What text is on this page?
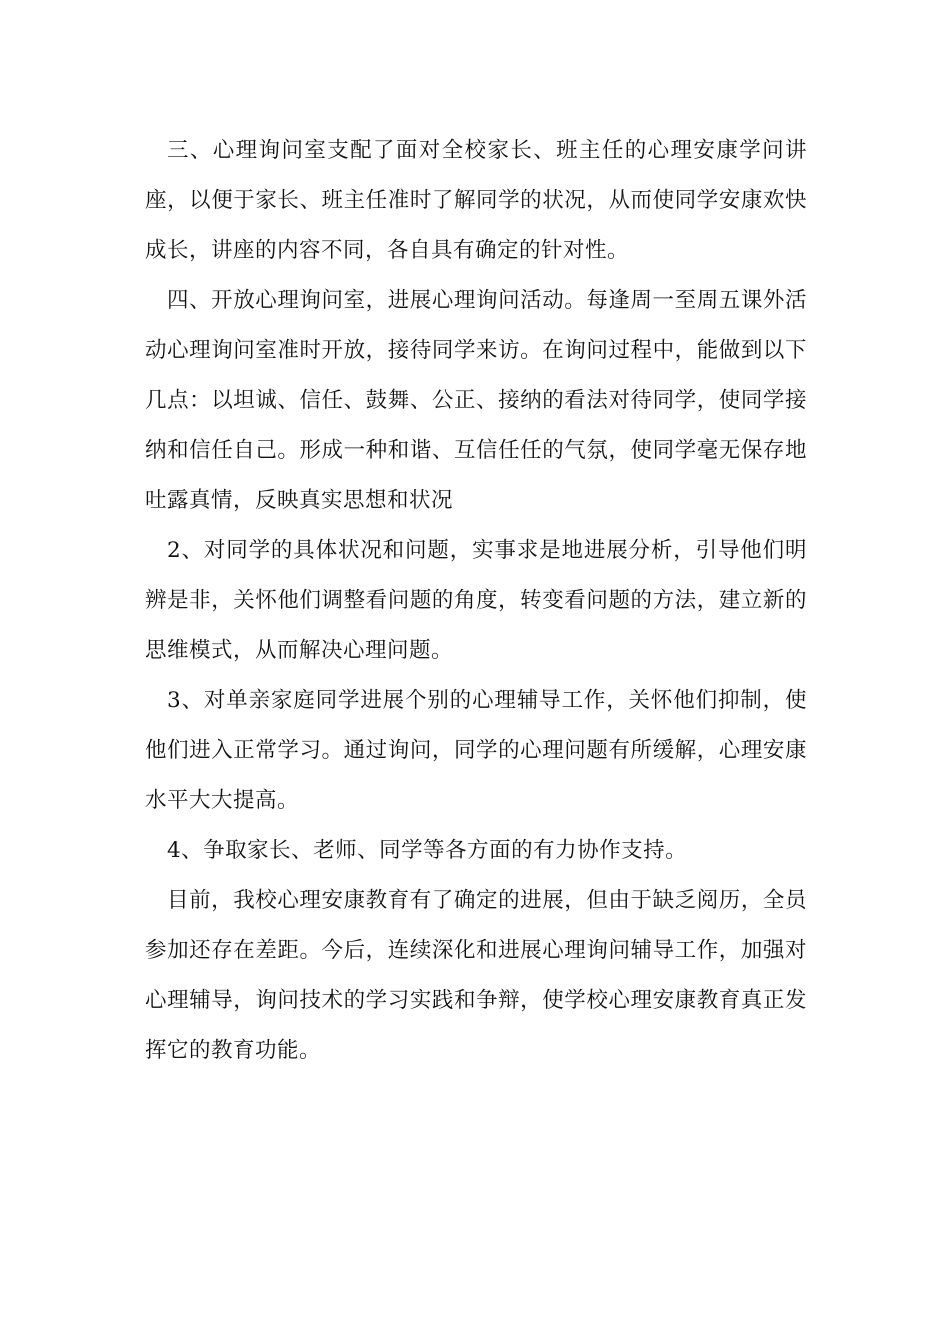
三、心理询问室支配了面对全校家长、班主任的心理安康学问讲座，以便于家长、班主任准时了解同学的状况，从而使同学安康欢快成长，讲座的内容不同，各自具有确定的针对性。

四、开放心理询问室，进展心理询问活动。每逢周一至周五课外活动心理询问室准时开放，接待同学来访。在询问过程中，能做到以下几点：以坦诚、信任、鼓舞、公正、接纳的看法对待同学，使同学接纳和信任自己。形成一种和谐、互信任任的气氛，使同学毫无保存地吐露真情，反映真实思想和状况

2、对同学的具体状况和问题，实事求是地进展分析，引导他们明辨是非，关怀他们调整看问题的角度，转变看问题的方法，建立新的思维模式，从而解决心理问题。

3、对单亲家庭同学进展个别的心理辅导工作，关怀他们抑制，使他们进入正常学习。通过询问，同学的心理问题有所缓解，心理安康水平大大提高。

4、争取家长、老师、同学等各方面的有力协作支持。

目前，我校心理安康教育有了确定的进展，但由于缺乏阅历，全员参加还存在差距。今后，连续深化和进展心理询问辅导工作，加强对心理辅导，询问技术的学习实践和争辩，使学校心理安康教育真正发挥它的教育功能。
